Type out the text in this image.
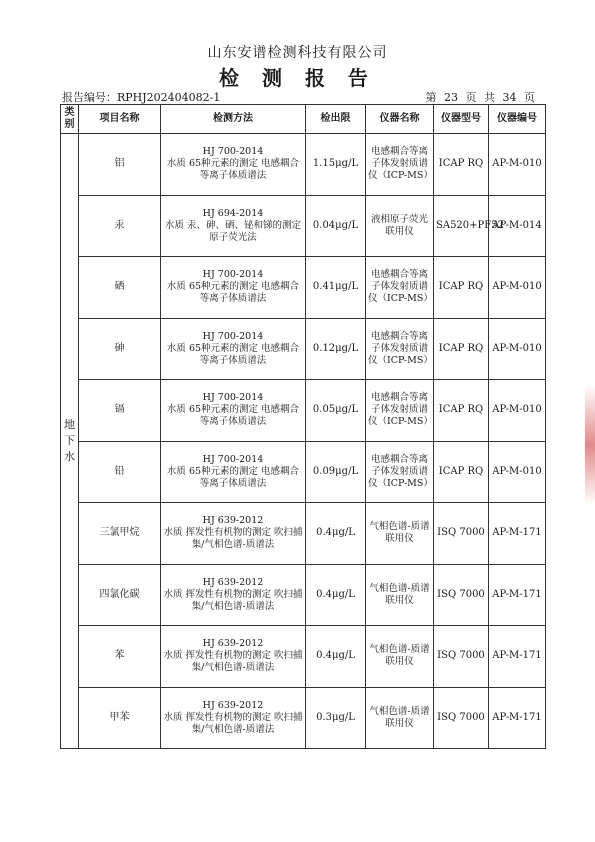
山东安谱检测科技有限公司
检 测 报 告
报告编号：RPHJ202404082-1	第 23 页 共 34 页
类别	项目名称	检测方法	检出限	仪器名称	仪器型号	仪器编号
地下水	铝	HJ 700-2014
水质 65种元素的测定 电感耦合等离子体质谱法	1.15μg/L	电感耦合等离子体发射质谱仪（ICP-MS）	ICAP RQ	AP-M-010
	汞	HJ 694-2014
水质 汞、砷、硒、铋和锑的测定 原子荧光法	0.04μg/L	液相原子荧光联用仪	SA520+PF52	AP-M-014
	硒	HJ 700-2014
水质 65种元素的测定 电感耦合等离子体质谱法	0.41μg/L	电感耦合等离子体发射质谱仪（ICP-MS）	ICAP RQ	AP-M-010
	砷	HJ 700-2014
水质 65种元素的测定 电感耦合等离子体质谱法	0.12μg/L	电感耦合等离子体发射质谱仪（ICP-MS）	ICAP RQ	AP-M-010
	镉	HJ 700-2014
水质 65种元素的测定 电感耦合等离子体质谱法	0.05μg/L	电感耦合等离子体发射质谱仪（ICP-MS）	ICAP RQ	AP-M-010
	铅	HJ 700-2014
水质 65种元素的测定 电感耦合等离子体质谱法	0.09μg/L	电感耦合等离子体发射质谱仪（ICP-MS）	ICAP RQ	AP-M-010
	三氯甲烷	HJ 639-2012
水质 挥发性有机物的测定 吹扫捕集/气相色谱-质谱法	0.4μg/L	气相色谱-质谱联用仪	ISQ 7000	AP-M-171
	四氯化碳	HJ 639-2012
水质 挥发性有机物的测定 吹扫捕集/气相色谱-质谱法	0.4μg/L	气相色谱-质谱联用仪	ISQ 7000	AP-M-171
	苯	HJ 639-2012
水质 挥发性有机物的测定 吹扫捕集/气相色谱-质谱法	0.4μg/L	气相色谱-质谱联用仪	ISQ 7000	AP-M-171
	甲苯	HJ 639-2012
水质 挥发性有机物的测定 吹扫捕集/气相色谱-质谱法	0.3μg/L	气相色谱-质谱联用仪	ISQ 7000	AP-M-171
